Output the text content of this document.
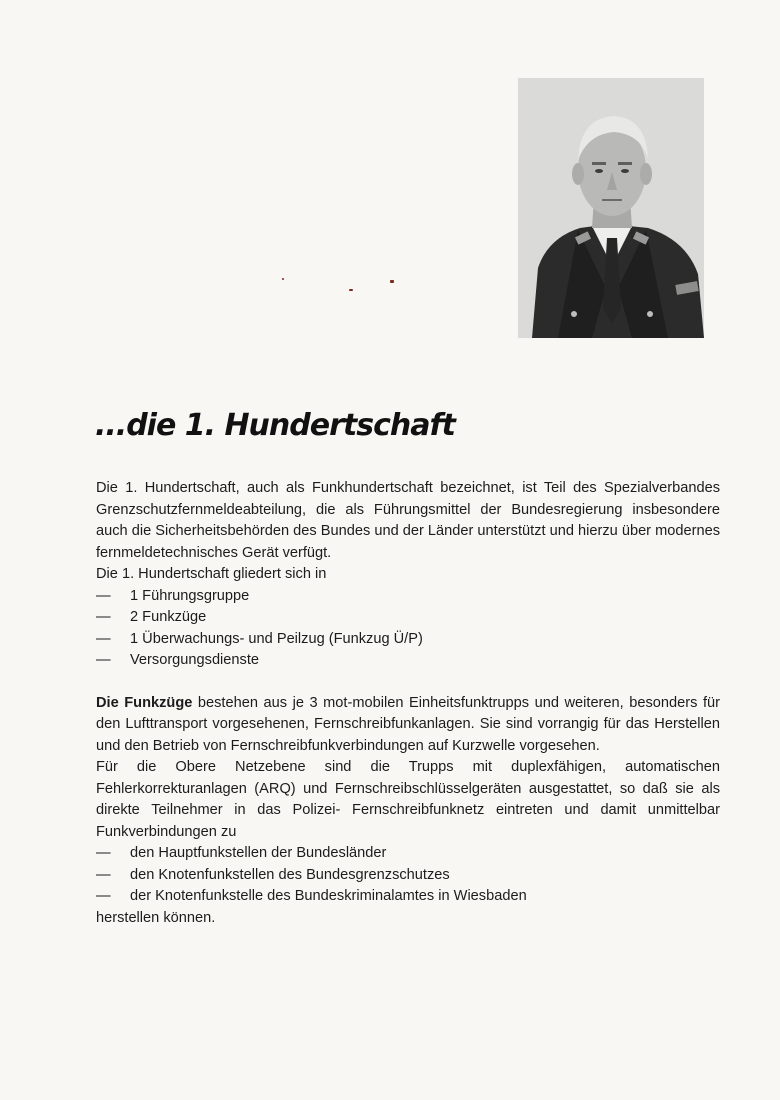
...die 1. Hundertschaft

Die 1. Hundertschaft, auch als Funkhundertschaft bezeichnet, ist Teil des Spezialverbandes Grenzschutzfernmeldeabteilung, die als Führungsmittel der Bundesregierung insbesondere auch die Sicherheitsbehörden des Bundes und der Länder unterstützt und hierzu über modernes fernmeldetechnisches Gerät verfügt.

Die 1. Hundertschaft gliedert sich in

— 1 Führungsgruppe
— 2 Funkzüge
— 1 Überwachungs- und Peilzug (Funkzug Ü/P)
— Versorgungsdienste

Die Funkzüge bestehen aus je 3 mot-mobilen Einheitsfunktrupps und weiteren, besonders für den Lufttransport vorgesehenen, Fernschreibfunkanlagen. Sie sind vorrangig für das Herstellen und den Betrieb von Fernschreibfunkverbindungen auf Kurzwelle vorgesehen.

Für die Obere Netzebene sind die Trupps mit duplexfähigen, automatischen Fehlerkorrekturanlagen (ARQ) und Fernschreibschlüsselgeräten ausgestattet, so daß sie als direkte Teilnehmer in das Polizei- Fernschreibfunknetz eintreten und damit unmittelbar Funkverbindungen zu

— den Hauptfunkstellen der Bundesländer
— den Knotenfunkstellen des Bundesgrenzschutzes
— der Knotenfunkstelle des Bundeskriminalamtes in Wiesbaden

herstellen können.
